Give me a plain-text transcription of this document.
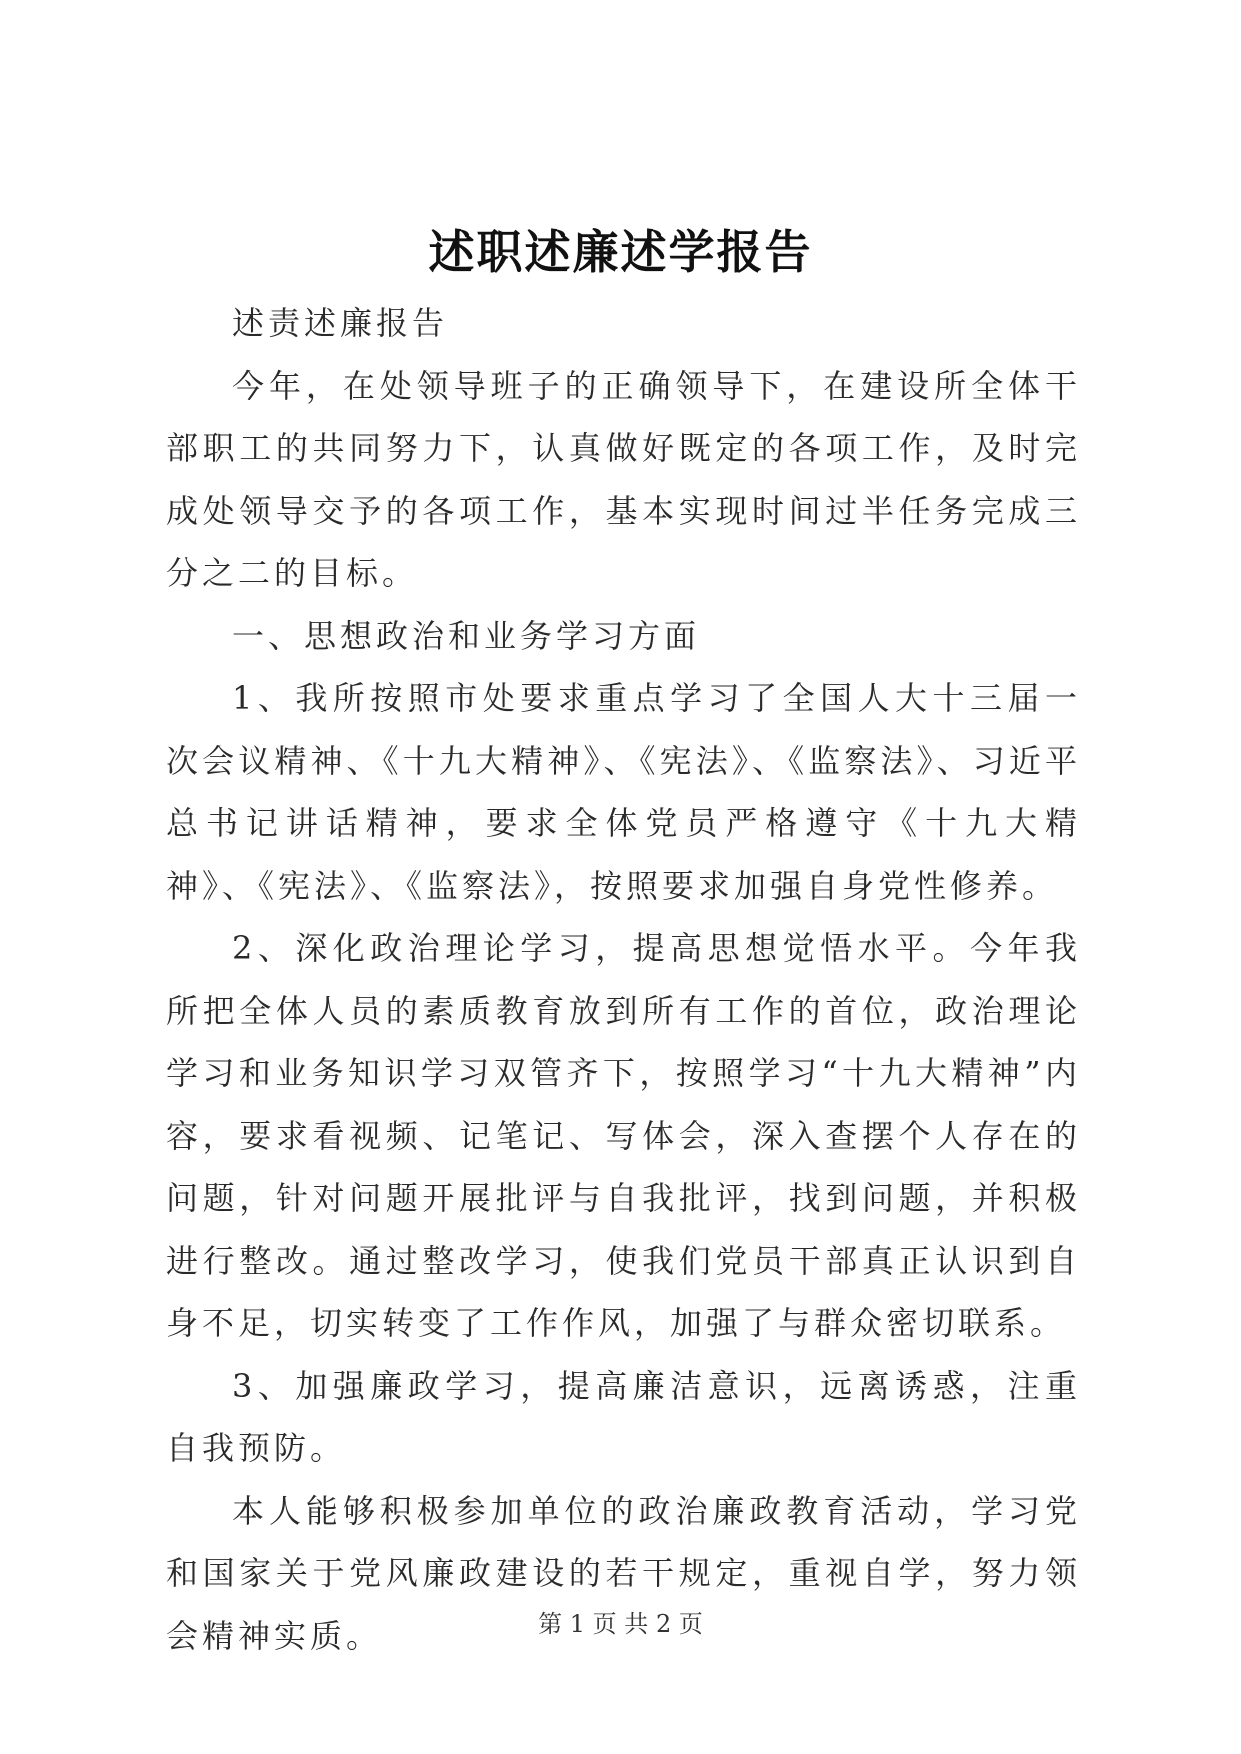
述职述廉述学报告

述责述廉报告

今年，在处领导班子的正确领导下，在建设所全体干部职工的共同努力下，认真做好既定的各项工作，及时完成处领导交予的各项工作，基本实现时间过半任务完成三分之二的目标。

一、思想政治和业务学习方面

1、我所按照市处要求重点学习了全国人大十三届一次会议精神、《十九大精神》、《宪法》、《监察法》、习近平总书记讲话精神，要求全体党员严格遵守《十九大精神》、《宪法》、《监察法》，按照要求加强自身党性修养。

2、深化政治理论学习，提高思想觉悟水平。今年我所把全体人员的素质教育放到所有工作的首位，政治理论学习和业务知识学习双管齐下，按照学习“十九大精神”内容，要求看视频、记笔记、写体会，深入查摆个人存在的问题，针对问题开展批评与自我批评，找到问题，并积极进行整改。通过整改学习，使我们党员干部真正认识到自身不足，切实转变了工作作风，加强了与群众密切联系。

3、加强廉政学习，提高廉洁意识，远离诱惑，注重自我预防。

本人能够积极参加单位的政治廉政教育活动，学习党和国家关于党风廉政建设的若干规定，重视自学，努力领会精神实质。	第 1 页 共 2 页
